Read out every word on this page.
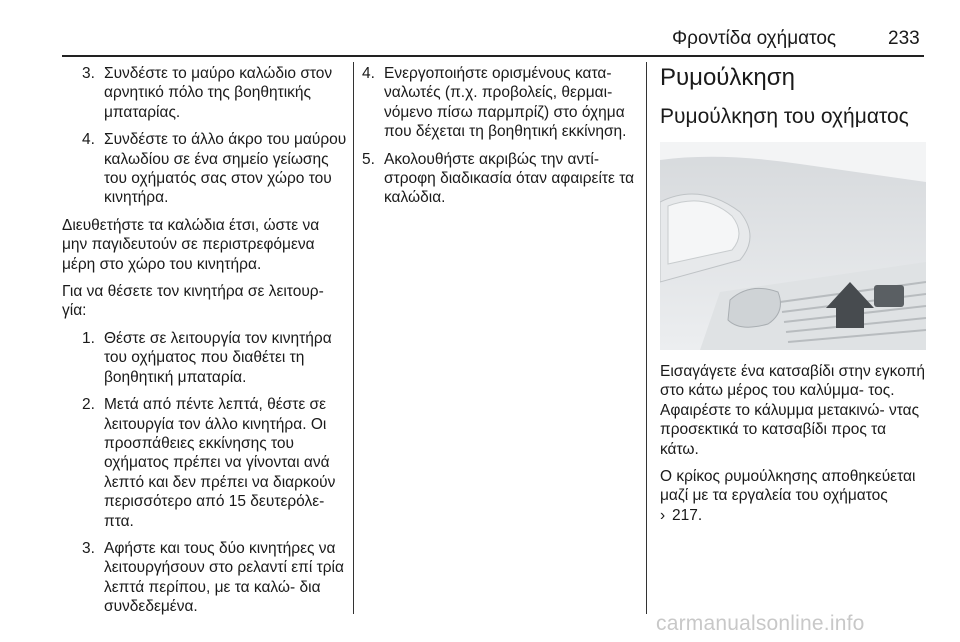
Φροντίδα οχήματος	233
3. Συνδέστε το μαύρο καλώδιο στον αρνητικό πόλο της βοηθητικής μπαταρίας.
4. Συνδέστε το άλλο άκρο του μαύρου καλωδίου σε ένα σημείο γείωσης του οχήματός σας στον χώρο του κινητήρα.

Διευθετήστε τα καλώδια έτσι, ώστε να μην παγιδευτούν σε περιστρεφόμενα μέρη στο χώρο του κινητήρα.

Για να θέσετε τον κινητήρα σε λειτουρ- γία:

1. Θέστε σε λειτουργία τον κινητήρα του οχήματος που διαθέτει τη βοηθητική μπαταρία.
2. Μετά από πέντε λεπτά, θέστε σε λειτουργία τον άλλο κινητήρα. Οι προσπάθειες εκκίνησης του οχήματος πρέπει να γίνονται ανά λεπτό και δεν πρέπει να διαρκούν περισσότερο από 15 δευτερόλε- πτα.
3. Αφήστε και τους δύο κινητήρες να λειτουργήσουν στο ρελαντί επί τρία λεπτά περίπου, με τα καλώ- δια συνδεδεμένα.
4. Ενεργοποιήστε ορισμένους κατα- ναλωτές (π.χ. προβολείς, θερμαι- νόμενο πίσω παρμπρίζ) στο όχημα που δέχεται τη βοηθητική εκκίνηση.
5. Ακολουθήστε ακριβώς την αντί- στροφη διαδικασία όταν αφαιρείτε τα καλώδια.
Ρυμούλκηση
Ρυμούλκηση του οχήματος

Εισαγάγετε ένα κατσαβίδι στην εγκοπή στο κάτω μέρος του καλύμμα- τος. Αφαιρέστε το κάλυμμα μετακινώ- ντας προσεκτικά το κατσαβίδι προς τα κάτω.

Ο κρίκος ρυμούλκησης αποθηκεύεται μαζί με τα εργαλεία του οχήματος
› 217.

carmanualsonline.info
